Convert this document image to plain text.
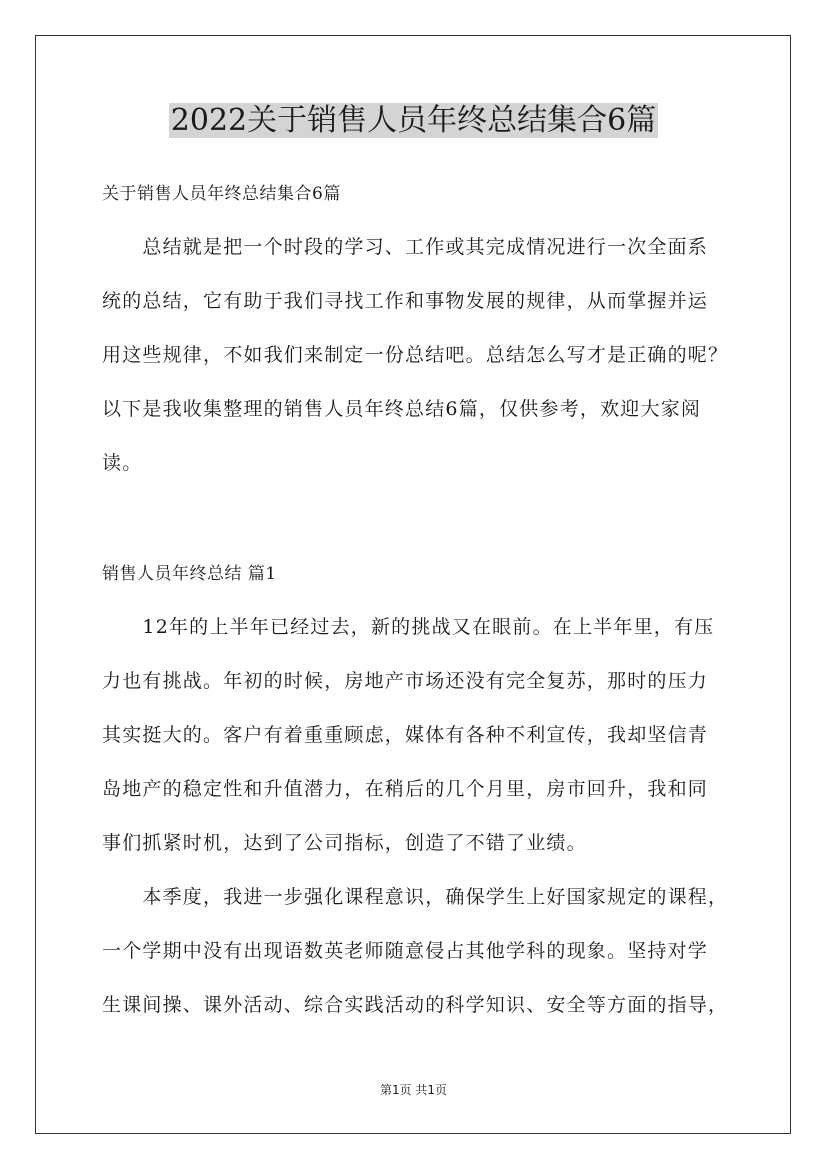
2022关于销售人员年终总结集合6篇
关于销售人员年终总结集合6篇
　　总结就是把一个时段的学习、工作或其完成情况进行一次全面系
统的总结，它有助于我们寻找工作和事物发展的规律，从而掌握并运
用这些规律，不如我们来制定一份总结吧。总结怎么写才是正确的呢？
以下是我收集整理的销售人员年终总结6篇，仅供参考，欢迎大家阅
读。
销售人员年终总结 篇1
　　12年的上半年已经过去，新的挑战又在眼前。在上半年里，有压
力也有挑战。年初的时候，房地产市场还没有完全复苏，那时的压力
其实挺大的。客户有着重重顾虑，媒体有各种不利宣传，我却坚信青
岛地产的稳定性和升值潜力，在稍后的几个月里，房市回升，我和同
事们抓紧时机，达到了公司指标，创造了不错了业绩。
　　本季度，我进一步强化课程意识，确保学生上好国家规定的课程，
一个学期中没有出现语数英老师随意侵占其他学科的现象。坚持对学
生课间操、课外活动、综合实践活动的科学知识、安全等方面的指导，
第1页 共1页
